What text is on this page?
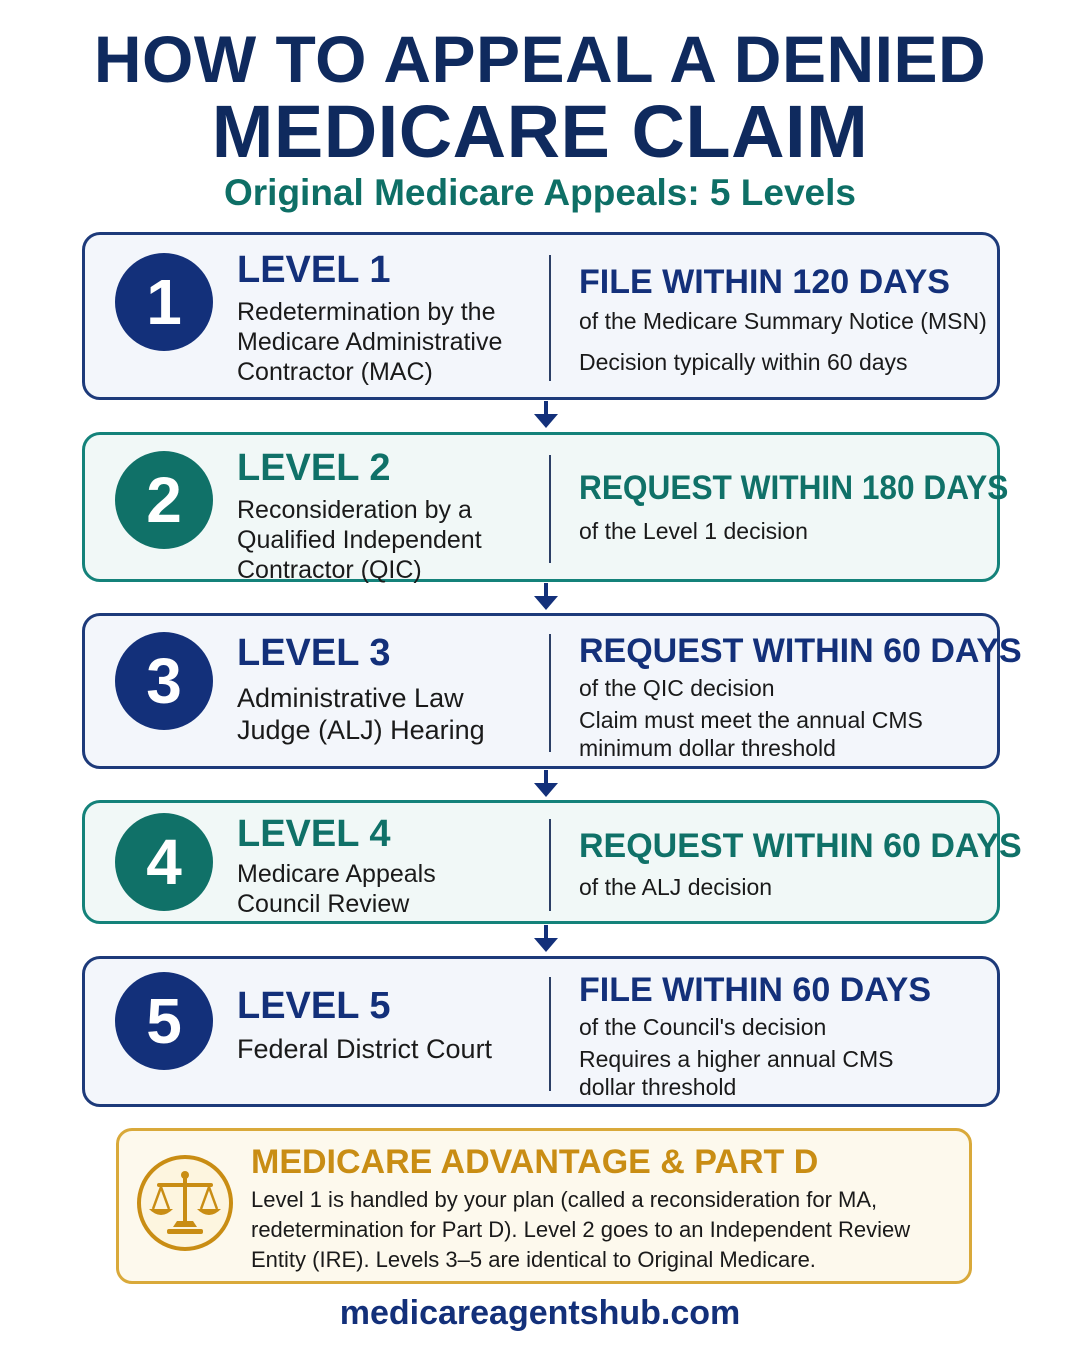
HOW TO APPEAL A DENIED
MEDICARE CLAIM
Original Medicare Appeals: 5 Levels
1	LEVEL 1
Redetermination by the
Medicare Administrative
Contractor (MAC)
FILE WITHIN 120 DAYS
of the Medicare Summary Notice (MSN)
Decision typically within 60 days
2	LEVEL 2
Reconsideration by a
Qualified Independent
Contractor (QIC)
REQUEST WITHIN 180 DAYS
of the Level 1 decision
3	LEVEL 3
Administrative Law
Judge (ALJ) Hearing
REQUEST WITHIN 60 DAYS
of the QIC decision
Claim must meet the annual CMS
minimum dollar threshold
4	LEVEL 4
Medicare Appeals
Council Review
REQUEST WITHIN 60 DAYS
of the ALJ decision
5	LEVEL 5
Federal District Court
FILE WITHIN 60 DAYS
of the Council's decision
Requires a higher annual CMS
dollar threshold
MEDICARE ADVANTAGE & PART D
Level 1 is handled by your plan (called a reconsideration for MA,
redetermination for Part D). Level 2 goes to an Independent Review
Entity (IRE). Levels 3–5 are identical to Original Medicare.
medicareagentshub.com
